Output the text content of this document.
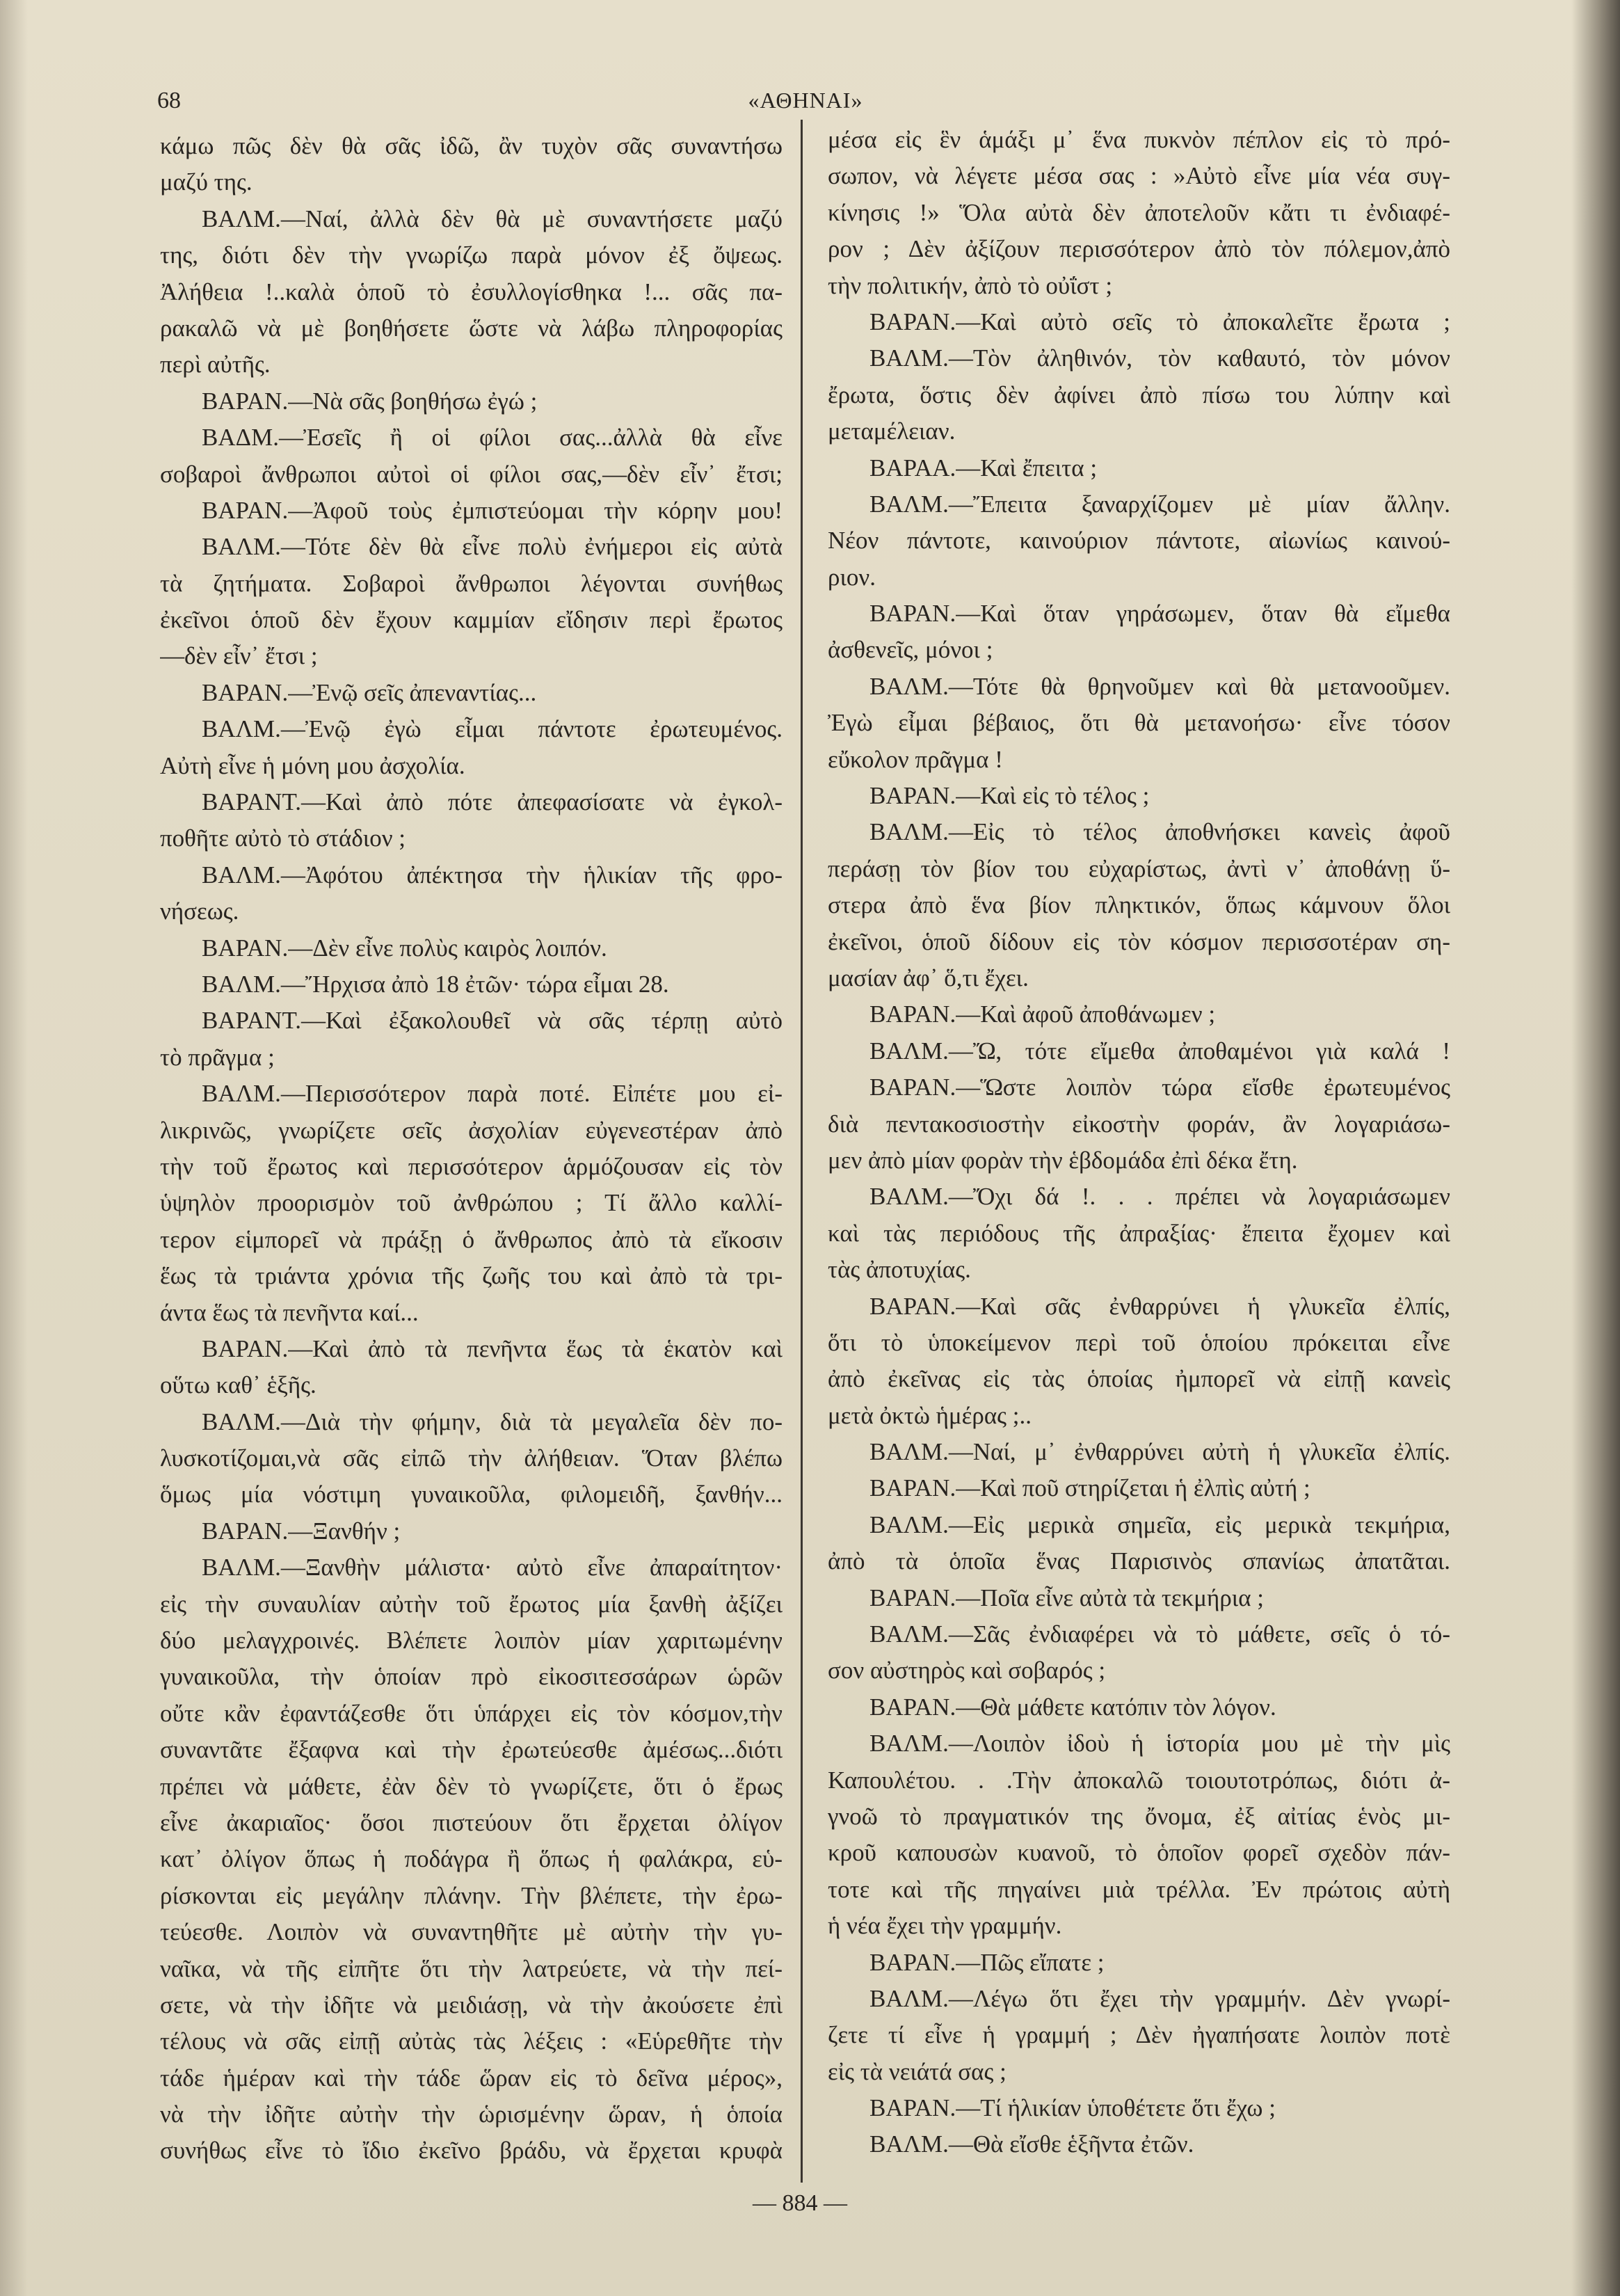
68	«ΑΘΗΝΑΙ»
κάμω πῶς δὲν θὰ σᾶς ἰδῶ, ἂν τυχὸν σᾶς συναντήσω
μαζύ της.
ΒΑΛΜ.—Ναί, ἀλλὰ δὲν θὰ μὲ συναντήσετε μαζύ
της, διότι δὲν τὴν γνωρίζω παρὰ μόνον ἐξ ὄψεως.
Ἀλήθεια !..καλὰ ὁποῦ τὸ ἐσυλλογίσθηκα !... σᾶς πα-
ρακαλῶ νὰ μὲ βοηθήσετε ὥστε νὰ λάβω πληροφορίας
περὶ αὐτῆς.
ΒΑΡΑΝ.—Νὰ σᾶς βοηθήσω ἐγώ ;
ΒΑΔΜ.—Ἐσεῖς ἢ οἱ φίλοι σας...ἀλλὰ θὰ εἶνε
σοβαροὶ ἄνθρωποι αὐτοὶ οἱ φίλοι σας,—δὲν εἶν᾽ ἔτσι;
ΒΑΡΑΝ.—Ἀφοῦ τοὺς ἐμπιστεύομαι τὴν κόρην μου!
ΒΑΛΜ.—Τότε δὲν θὰ εἶνε πολὺ ἐνήμεροι εἰς αὐτὰ
τὰ ζητήματα. Σοβαροὶ ἄνθρωποι λέγονται συνήθως
ἐκεῖνοι ὁποῦ δὲν ἔχουν καμμίαν εἴδησιν περὶ ἔρωτος
—δὲν εἶν᾽ ἔτσι ;
ΒΑΡΑΝ.—Ἐνῷ σεῖς ἀπεναντίας...
ΒΑΛΜ.—Ἐνῷ ἐγὼ εἶμαι πάντοτε ἐρωτευμένος.
Αὐτὴ εἶνε ἡ μόνη μου ἀσχολία.
ΒΑΡΑΝΤ.—Καὶ ἀπὸ πότε ἀπεφασίσατε νὰ ἐγκολ-
ποθῆτε αὐτὸ τὸ στάδιον ;
ΒΑΛΜ.—Ἀφότου ἀπέκτησα τὴν ἡλικίαν τῆς φρο-
νήσεως.
ΒΑΡΑΝ.—Δὲν εἶνε πολὺς καιρὸς λοιπόν.
ΒΑΛΜ.—Ἤρχισα ἀπὸ 18 ἐτῶν· τώρα εἶμαι 28.
ΒΑΡΑΝΤ.—Καὶ ἐξακολουθεῖ νὰ σᾶς τέρπῃ αὐτὸ
τὸ πρᾶγμα ;
ΒΑΛΜ.—Περισσότερον παρὰ ποτέ. Εἰπέτε μου εἰ-
λικρινῶς, γνωρίζετε σεῖς ἀσχολίαν εὐγενεστέραν ἀπὸ
τὴν τοῦ ἔρωτος καὶ περισσότερον ἁρμόζουσαν εἰς τὸν
ὑψηλὸν προορισμὸν τοῦ ἀνθρώπου ; Τί ἄλλο καλλί-
τερον εἱμπορεῖ νὰ πράξῃ ὁ ἄνθρωπος ἀπὸ τὰ εἴκοσιν
ἕως τὰ τριάντα χρόνια τῆς ζωῆς του καὶ ἀπὸ τὰ τρι-
άντα ἕως τὰ πενῆντα καί...
ΒΑΡΑΝ.—Καὶ ἀπὸ τὰ πενῆντα ἕως τὰ ἑκατὸν καὶ
οὕτω καθ᾽ ἑξῆς.
ΒΑΛΜ.—Διὰ τὴν φήμην, διὰ τὰ μεγαλεῖα δὲν πο-
λυσκοτίζομαι,νὰ σᾶς εἰπῶ τὴν ἀλήθειαν. Ὅταν βλέπω
ὅμως μία νόστιμη γυναικοῦλα, φιλομειδῆ, ξανθήν...
ΒΑΡΑΝ.—Ξανθήν ;
ΒΑΛΜ.—Ξανθὴν μάλιστα· αὐτὸ εἶνε ἀπαραίτητον·
εἰς τὴν συναυλίαν αὐτὴν τοῦ ἔρωτος μία ξανθὴ ἀξίζει
δύο μελαγχροινές. Βλέπετε λοιπὸν μίαν χαριτωμένην
γυναικοῦλα, τὴν ὁποίαν πρὸ εἰκοσιτεσσάρων ὡρῶν
οὔτε κἂν ἐφαντάζεσθε ὅτι ὑπάρχει εἰς τὸν κόσμον,τὴν
συναντᾶτε ἔξαφνα καὶ τὴν ἐρωτεύεσθε ἀμέσως...διότι
πρέπει νὰ μάθετε, ἐὰν δὲν τὸ γνωρίζετε, ὅτι ὁ ἔρως
εἶνε ἀκαριαῖος· ὅσοι πιστεύουν ὅτι ἔρχεται ὀλίγον
κατ᾽ ὀλίγον ὅπως ἡ ποδάγρα ἢ ὅπως ἡ φαλάκρα, εὑ-
ρίσκονται εἰς μεγάλην πλάνην. Τὴν βλέπετε, τὴν ἐρω-
τεύεσθε. Λοιπὸν νὰ συναντηθῆτε μὲ αὐτὴν τὴν γυ-
ναῖκα, νὰ τῆς εἰπῆτε ὅτι τὴν λατρεύετε, νὰ τὴν πεί-
σετε, νὰ τὴν ἰδῆτε νὰ μειδιάσῃ, νὰ τὴν ἀκούσετε ἐπὶ
τέλους νὰ σᾶς εἰπῇ αὐτὰς τὰς λέξεις : «Εὑρεθῆτε τὴν
τάδε ἡμέραν καὶ τὴν τάδε ὥραν εἰς τὸ δεῖνα μέρος»,
νὰ τὴν ἰδῆτε αὐτὴν τὴν ὡρισμένην ὥραν, ἡ ὁποία
συνήθως εἶνε τὸ ἴδιο ἐκεῖνο βράδυ, νὰ ἔρχεται κρυφὰ
μέσα εἰς ἓν ἁμάξι μ᾽ ἕνα πυκνὸν πέπλον εἰς τὸ πρό-
σωπον, νὰ λέγετε μέσα σας : »Αὐτὸ εἶνε μία νέα συγ-
κίνησις !» Ὅλα αὐτὰ δὲν ἀποτελοῦν κἄτι τι ἐνδιαφέ-
ρον ; Δὲν ἀξίζουν περισσότερον ἀπὸ τὸν πόλεμον,ἀπὸ
τὴν πολιτικήν, ἀπὸ τὸ οὐΐστ ;
ΒΑΡΑΝ.—Καὶ αὐτὸ σεῖς τὸ ἀποκαλεῖτε ἔρωτα ;
ΒΑΛΜ.—Τὸν ἀληθινόν, τὸν καθαυτό, τὸν μόνον
ἔρωτα, ὅστις δὲν ἀφίνει ἀπὸ πίσω του λύπην καὶ
μεταμέλειαν.
ΒΑΡΑΑ.—Καὶ ἔπειτα ;
ΒΑΛΜ.—Ἔπειτα ξαναρχίζομεν μὲ μίαν ἄλλην.
Νέον πάντοτε, καινούριον πάντοτε, αἰωνίως καινού-
ριον.
ΒΑΡΑΝ.—Καὶ ὅταν γηράσωμεν, ὅταν θὰ εἴμεθα
ἀσθενεῖς, μόνοι ;
ΒΑΛΜ.—Τότε θὰ θρηνοῦμεν καὶ θὰ μετανοοῦμεν.
Ἐγὼ εἶμαι βέβαιος, ὅτι θὰ μετανοήσω· εἶνε τόσον
εὔκολον πρᾶγμα !
ΒΑΡΑΝ.—Καὶ εἰς τὸ τέλος ;
ΒΑΛΜ.—Εἰς τὸ τέλος ἀποθνήσκει κανεὶς ἀφοῦ
περάσῃ τὸν βίον του εὐχαρίστως, ἀντὶ ν᾽ ἀποθάνῃ ὕ-
στερα ἀπὸ ἕνα βίον πληκτικόν, ὅπως κάμνουν ὅλοι
ἐκεῖνοι, ὁποῦ δίδουν εἰς τὸν κόσμον περισσοτέραν ση-
μασίαν ἀφ᾽ ὅ,τι ἔχει.
ΒΑΡΑΝ.—Καὶ ἀφοῦ ἀποθάνωμεν ;
ΒΑΛΜ.—Ὤ, τότε εἴμεθα ἀποθαμένοι γιὰ καλά !
ΒΑΡΑΝ.—Ὥστε λοιπὸν τώρα εἴσθε ἐρωτευμένος
διὰ πεντακοσιοστὴν εἰκοστὴν φοράν, ἂν λογαριάσω-
μεν ἀπὸ μίαν φορὰν τὴν ἑβδομάδα ἐπὶ δέκα ἔτη.
ΒΑΛΜ.—Ὄχι δά !. . . πρέπει νὰ λογαριάσωμεν
καὶ τὰς περιόδους τῆς ἀπραξίας· ἔπειτα ἔχομεν καὶ
τὰς ἀποτυχίας.
ΒΑΡΑΝ.—Καὶ σᾶς ἐνθαρρύνει ἡ γλυκεῖα ἐλπίς,
ὅτι τὸ ὑποκείμενον περὶ τοῦ ὁποίου πρόκειται εἶνε
ἀπὸ ἐκεῖνας εἰς τὰς ὁποίας ἠμπορεῖ νὰ εἰπῇ κανεὶς
μετὰ ὀκτὼ ἡμέρας ;..
ΒΑΛΜ.—Ναί, μ᾽ ἐνθαρρύνει αὐτὴ ἡ γλυκεῖα ἐλπίς.
ΒΑΡΑΝ.—Καὶ ποῦ στηρίζεται ἡ ἐλπὶς αὐτή ;
ΒΑΛΜ.—Εἰς μερικὰ σημεῖα, εἰς μερικὰ τεκμήρια,
ἀπὸ τὰ ὁποῖα ἕνας Παρισινὸς σπανίως ἀπατᾶται.
ΒΑΡΑΝ.—Ποῖα εἶνε αὐτὰ τὰ τεκμήρια ;
ΒΑΛΜ.—Σᾶς ἐνδιαφέρει νὰ τὸ μάθετε, σεῖς ὁ τό-
σον αὐστηρὸς καὶ σοβαρός ;
ΒΑΡΑΝ.—Θὰ μάθετε κατόπιν τὸν λόγον.
ΒΑΛΜ.—Λοιπὸν ἰδοὺ ἡ ἱστορία μου μὲ τὴν μὶς
Καπουλέτου. . .Τὴν ἀποκαλῶ τοιουτοτρόπως, διότι ἀ-
γνοῶ τὸ πραγματικόν της ὄνομα, ἐξ αἰτίας ἑνὸς μι-
κροῦ καπουσὼν κυανοῦ, τὸ ὁποῖον φορεῖ σχεδὸν πάν-
τοτε καὶ τῆς πηγαίνει μιὰ τρέλλα. Ἐν πρώτοις αὐτὴ
ἡ νέα ἔχει τὴν γραμμήν.
ΒΑΡΑΝ.—Πῶς εἴπατε ;
ΒΑΛΜ.—Λέγω ὅτι ἔχει τὴν γραμμήν. Δὲν γνωρί-
ζετε τί εἶνε ἡ γραμμή ; Δὲν ἠγαπήσατε λοιπὸν ποτὲ
εἰς τὰ νειάτά σας ;
ΒΑΡΑΝ.—Τί ἡλικίαν ὑποθέτετε ὅτι ἔχω ;
ΒΑΛΜ.—Θὰ εἴσθε ἑξῆντα ἐτῶν.
— 884 —
